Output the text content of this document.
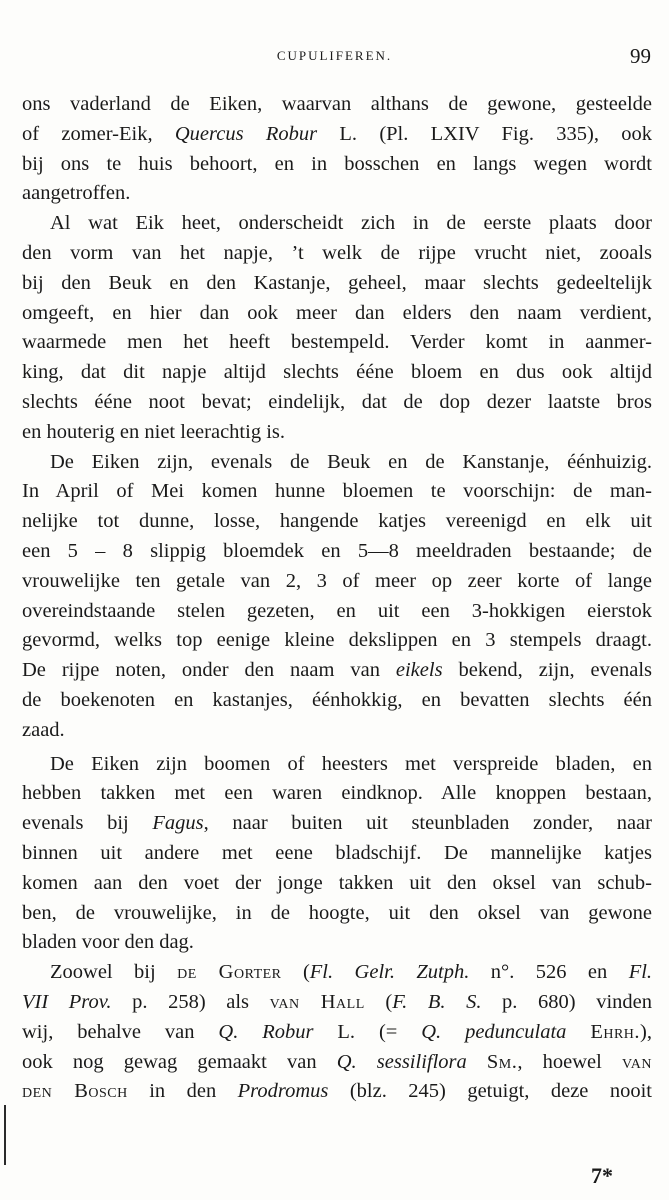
CUPULIFEREN.	99
ons vaderland de Eiken, waarvan althans de gewone, gesteelde
of zomer-Eik, Quercus Robur L. (Pl. LXIV Fig. 335), ook
bij ons te huis behoort, en in bosschen en langs wegen wordt
aangetroffen.
Al wat Eik heet, onderscheidt zich in de eerste plaats door
den vorm van het napje, ’t welk de rijpe vrucht niet, zooals
bij den Beuk en den Kastanje, geheel, maar slechts gedeeltelijk
omgeeft, en hier dan ook meer dan elders den naam verdient,
waarmede men het heeft bestempeld. Verder komt in aanmer-
king, dat dit napje altijd slechts ééne bloem en dus ook altijd
slechts ééne noot bevat; eindelijk, dat de dop dezer laatste bros
en houterig en niet leerachtig is.
De Eiken zijn, evenals de Beuk en de Kanstanje, éénhuizig.
In April of Mei komen hunne bloemen te voorschijn: de man-
nelijke tot dunne, losse, hangende katjes vereenigd en elk uit
een 5 – 8 slippig bloemdek en 5—8 meeldraden bestaande; de
vrouwelijke ten getale van 2, 3 of meer op zeer korte of lange
overeindstaande stelen gezeten, en uit een 3-hokkigen eierstok
gevormd, welks top eenige kleine dekslippen en 3 stempels draagt.
De rijpe noten, onder den naam van eikels bekend, zijn, evenals
de boekenoten en kastanjes, éénhokkig, en bevatten slechts één
zaad.
De Eiken zijn boomen of heesters met verspreide bladen, en
hebben takken met een waren eindknop. Alle knoppen bestaan,
evenals bij Fagus, naar buiten uit steunbladen zonder, naar
binnen uit andere met eene bladschijf. De mannelijke katjes
komen aan den voet der jonge takken uit den oksel van schub-
ben, de vrouwelijke, in de hoogte, uit den oksel van gewone
bladen voor den dag.
Zoowel bij de Gorter (Fl. Gelr. Zutph. n°. 526 en Fl.
VII Prov. p. 258) als van Hall (F. B. S. p. 680) vinden
wij, behalve van Q. Robur L. (= Q. pedunculata Ehrh.),
ook nog gewag gemaakt van Q. sessiliflora Sm., hoewel van
den Bosch in den Prodromus (blz. 245) getuigt, deze nooit
7*
